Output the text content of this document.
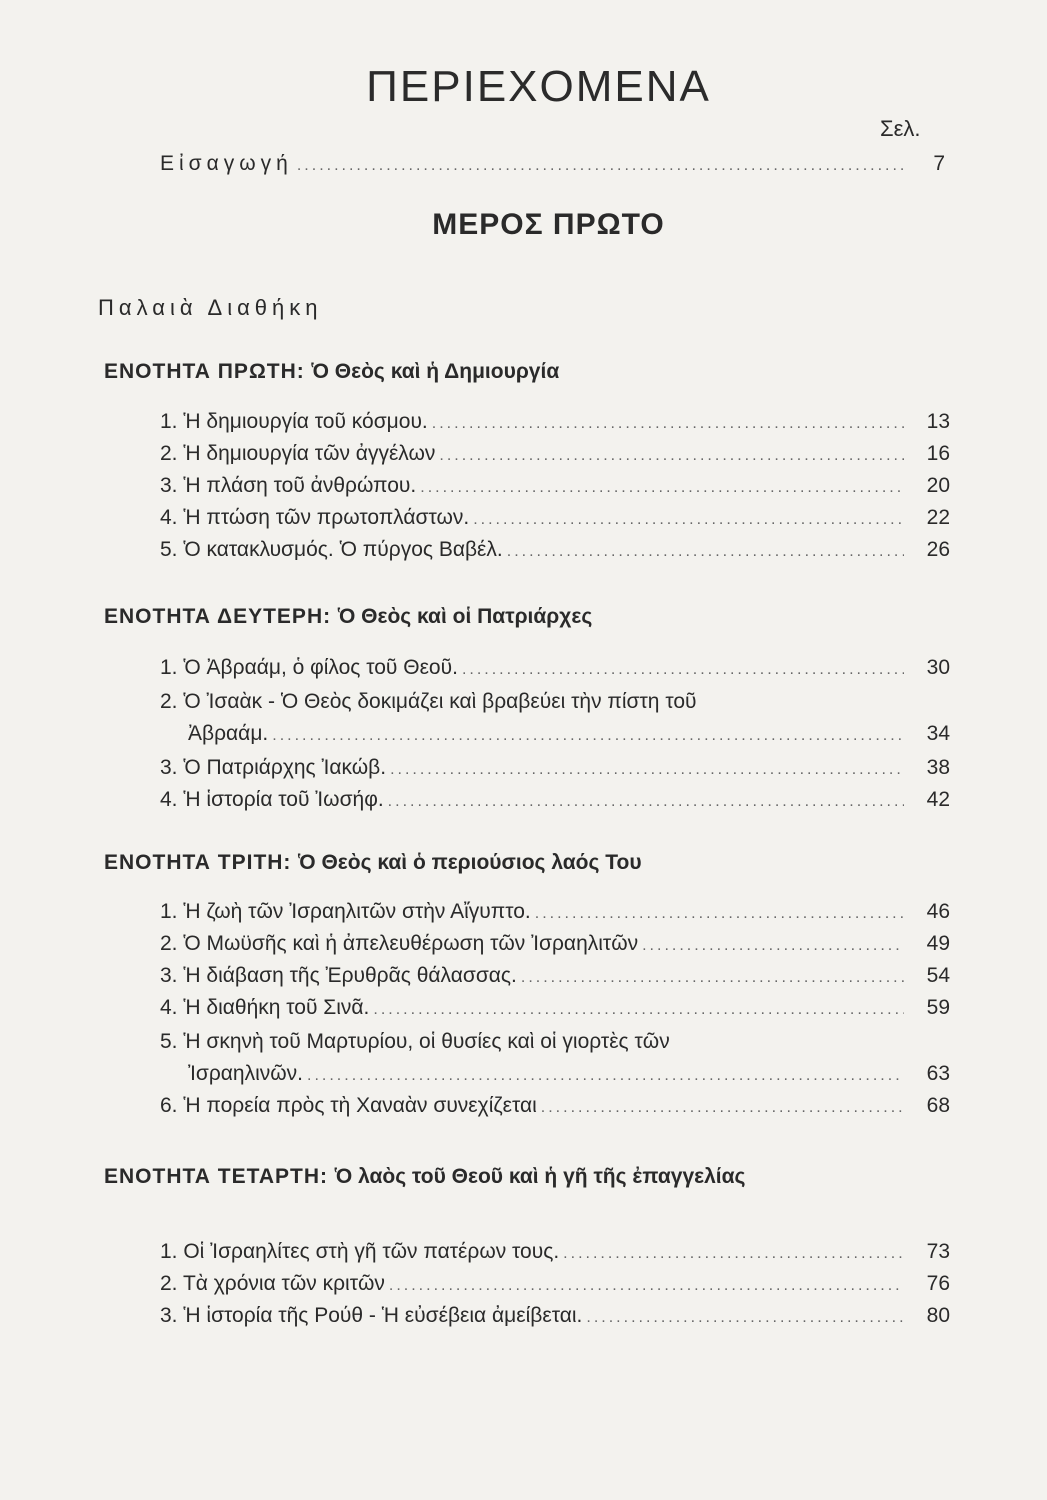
ΠΕΡΙΕΧΟΜΕΝΑ
Σελ.
Εἰσαγωγή .....	7
ΜΕΡΟΣ ΠΡΩΤΟ
Παλαιὰ Διαθήκη
ΕΝΟΤΗΤΑ ΠΡΩΤΗ: Ὁ Θεὸς καὶ ἡ Δημιουργία
1. Ἡ δημιουργία τοῦ κόσμου. .....	13
2. Ἡ δημιουργία τῶν ἀγγέλων .....	16
3. Ἡ πλάση τοῦ ἀνθρώπου. .....	20
4. Ἡ πτώση τῶν πρωτοπλάστων. .....	22
5. Ὁ κατακλυσμός. Ὁ πύργος Βαβέλ. .....	26
ΕΝΟΤΗΤΑ ΔΕΥΤΕΡΗ: Ὁ Θεὸς καὶ οἱ Πατριάρχες
1. Ὁ Ἀβραάμ, ὁ φίλος τοῦ Θεοῦ. .....	30
2. Ὁ Ἰσαὰκ - Ὁ Θεὸς δοκιμάζει καὶ βραβεύει τὴν πίστη τοῦ
Ἀβραάμ. .....	34
3. Ὁ Πατριάρχης Ἰακώβ. .....	38
4. Ἡ ἱστορία τοῦ Ἰωσήφ. .....	42
ΕΝΟΤΗΤΑ ΤΡΙΤΗ: Ὁ Θεὸς καὶ ὁ περιούσιος λαός Του
1. Ἡ ζωὴ τῶν Ἰσραηλιτῶν στὴν Αἴγυπτο. .....	46
2. Ὁ Μωϋσῆς καὶ ἡ ἀπελευθέρωση τῶν Ἰσραηλιτῶν .....	49
3. Ἡ διάβαση τῆς Ἐρυθρᾶς θάλασσας. .....	54
4. Ἡ διαθήκη τοῦ Σινᾶ. .....	59
5. Ἡ σκηνὴ τοῦ Μαρτυρίου, οἱ θυσίες καὶ οἱ γιορτὲς τῶν
Ἰσραηλινῶν. .....	63
6. Ἡ πορεία πρὸς τὴ Χαναὰν συνεχίζεται .....	68
ΕΝΟΤΗΤΑ ΤΕΤΑΡΤΗ: Ὁ λαὸς τοῦ Θεοῦ καὶ ἡ γῆ τῆς ἐπαγγελίας
1. Οἱ Ἰσραηλίτες στὴ γῆ τῶν πατέρων τους. .....	73
2. Τὰ χρόνια τῶν κριτῶν .....	76
3. Ἡ ἱστορία τῆς Ρούθ - Ἡ εὐσέβεια ἀμείβεται. .....	80
